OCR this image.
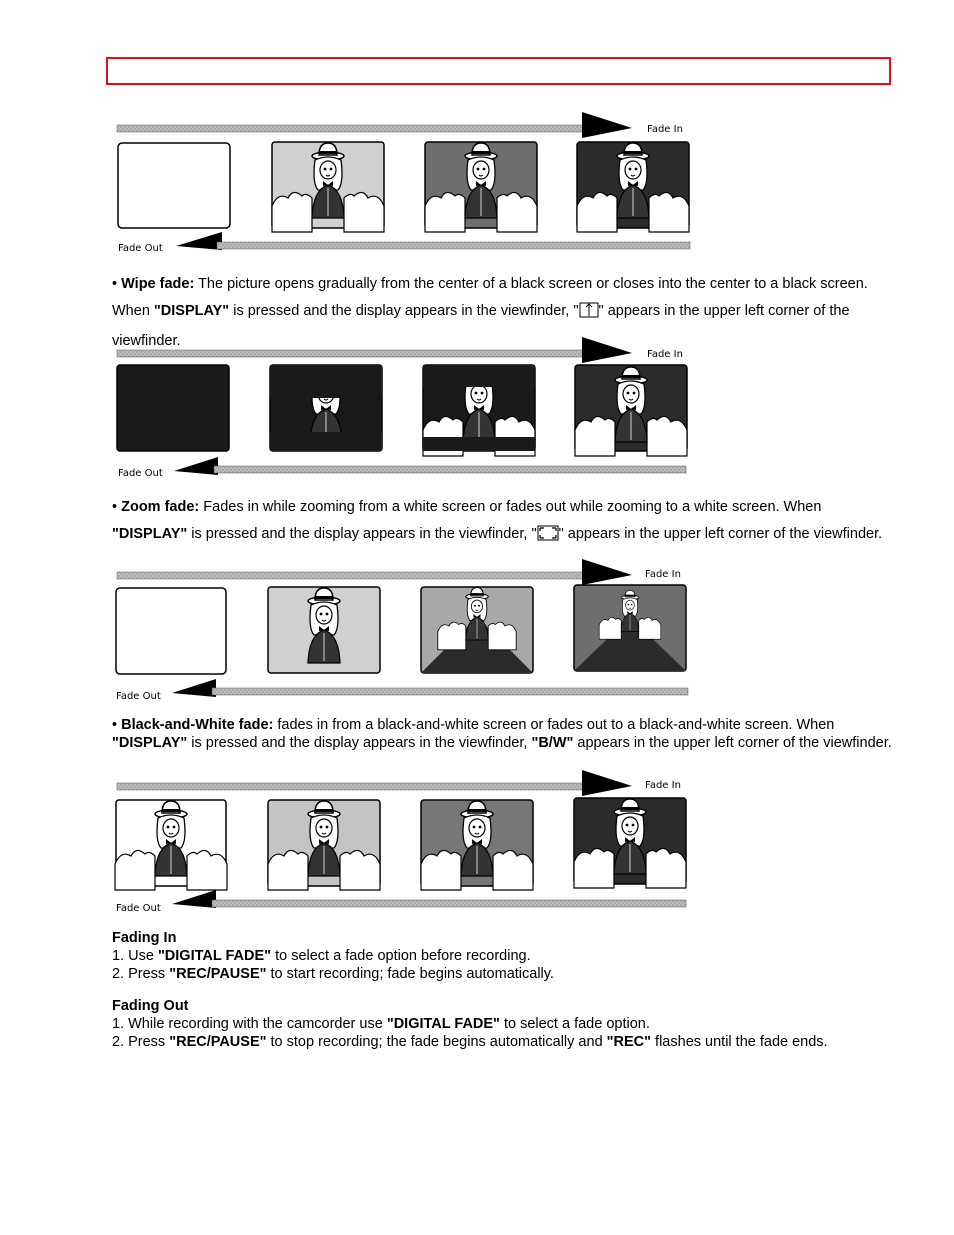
Fade In
Fade Out
• Wipe fade: The picture opens gradually from the center of a black screen or closes into the center to a black screen. When "DISPLAY" is pressed and the display appears in the viewfinder, " " appears in the upper left corner of the viewfinder.
Fade In
Fade Out
• Zoom fade: Fades in while zooming from a white screen or fades out while zooming to a white screen. When "DISPLAY" is pressed and the display appears in the viewfinder, " " appears in the upper left corner of the viewfinder.
Fade In
Fade Out
• Black-and-White fade: fades in from a black-and-white screen or fades out to a black-and-white screen. When "DISPLAY" is pressed and the display appears in the viewfinder, "B/W" appears in the upper left corner of the viewfinder.
Fade In
Fade Out
Fading In
1. Use "DIGITAL FADE" to select a fade option before recording.
2. Press "REC/PAUSE" to start recording; fade begins automatically.
Fading Out
1. While recording with the camcorder use "DIGITAL FADE" to select a fade option.
2. Press "REC/PAUSE" to stop recording; the fade begins automatically and "REC" flashes until the fade ends.
